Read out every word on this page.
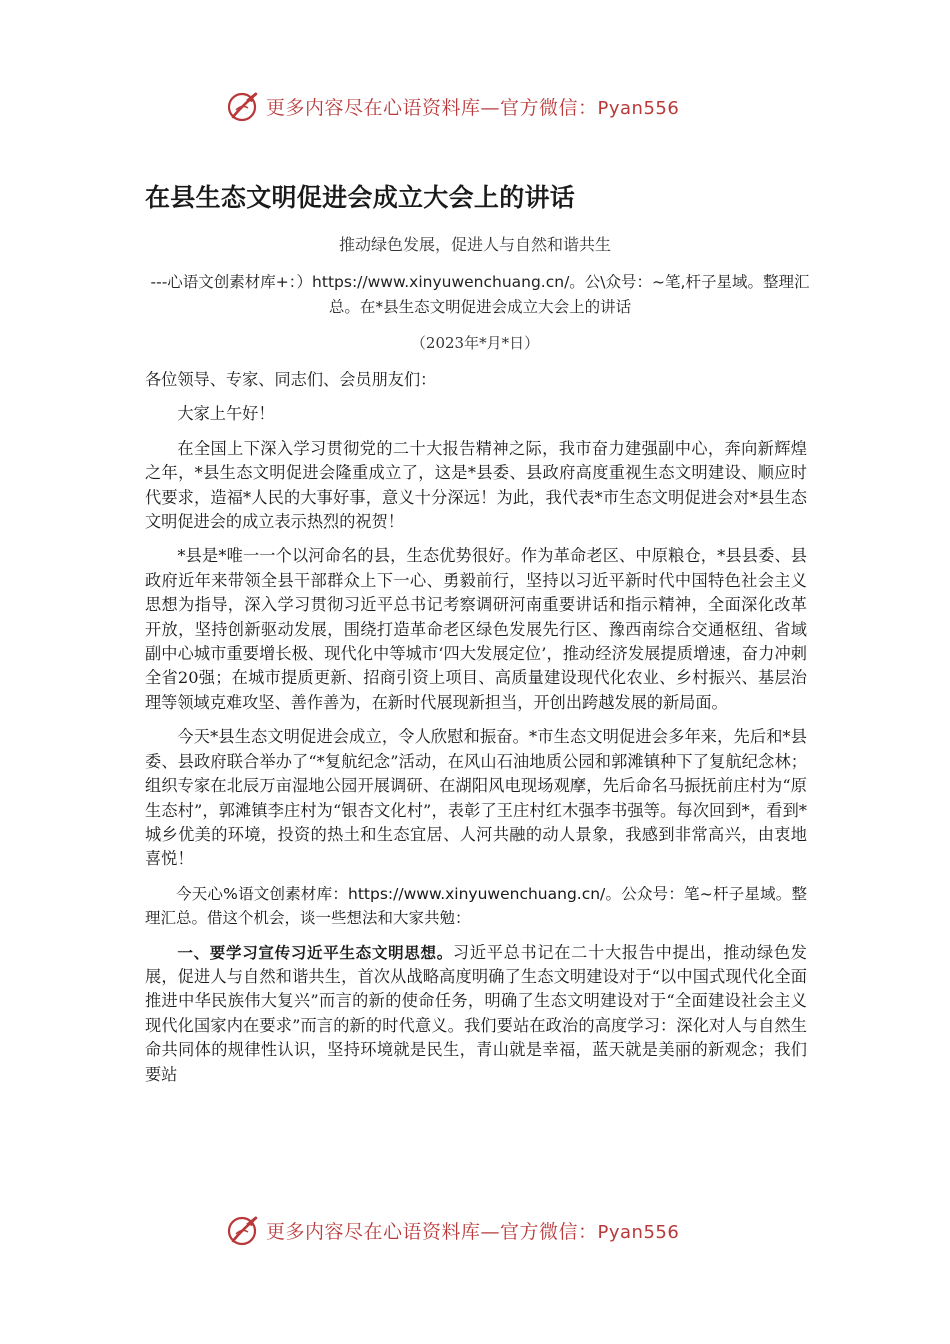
更多内容尽在心语资料库—官方微信：Pyan556
在县生态文明促进会成立大会上的讲话
推动绿色发展，促进人与自然和谐共生
---心语文创素材库+：）https://www.xinyuwenchuang.cn/。公\众号：~笔,杆子星域。整理汇总。在*县生态文明促进会成立大会上的讲话
（2023年*月*日）

各位领导、专家、同志们、会员朋友们：

大家上午好！

在全国上下深入学习贯彻党的二十大报告精神之际，我市奋力建强副中心，奔向新辉煌之年，*县生态文明促进会隆重成立了，这是*县委、县政府高度重视生态文明建设、顺应时代要求，造福*人民的大事好事，意义十分深远！为此，我代表*市生态文明促进会对*县生态文明促进会的成立表示热烈的祝贺！

*县是*唯一一个以河命名的县，生态优势很好。作为革命老区、中原粮仓，*县县委、县政府近年来带领全县干部群众上下一心、勇毅前行，坚持以习近平新时代中国特色社会主义思想为指导，深入学习贯彻习近平总书记考察调研河南重要讲话和指示精神，全面深化改革开放，坚持创新驱动发展，围绕打造革命老区绿色发展先行区、豫西南综合交通枢纽、省域副中心城市重要增长极、现代化中等城市‘四大发展定位’，推动经济发展提质增速，奋力冲刺全省20强；在城市提质更新、招商引资上项目、高质量建设现代化农业、乡村振兴、基层治理等领域克难攻坚、善作善为，在新时代展现新担当，开创出跨越发展的新局面。

今天*县生态文明促进会成立，令人欣慰和振奋。*市生态文明促进会多年来，先后和*县委、县政府联合举办了“*复航纪念”活动，在风山石油地质公园和郭滩镇种下了复航纪念林；组织专家在北辰万亩湿地公园开展调研、在湖阳风电现场观摩，先后命名马振抚前庄村为“原生态村”，郭滩镇李庄村为“银杏文化村”，表彰了王庄村红木强李书强等。每次回到*，看到*城乡优美的环境，投资的热土和生态宜居、人河共融的动人景象，我感到非常高兴，由衷地喜悦！

今天心%语文创素材库：https://www.xinyuwenchuang.cn/。公众号：笔~杆子星域。整理汇总。借这个机会，谈一些想法和大家共勉：

一、要学习宣传习近平生态文明思想。习近平总书记在二十大报告中提出，推动绿色发展，促进人与自然和谐共生，首次从战略高度明确了生态文明建设对于“以中国式现代化全面推进中华民族伟大复兴”而言的新的使命任务，明确了生态文明建设对于“全面建设社会主义现代化国家内在要求”而言的新的时代意义。我们要站在政治的高度学习：深化对人与自然生命共同体的规律性认识，坚持环境就是民生，青山就是幸福，蓝天就是美丽的新观念；我们要站

更多内容尽在心语资料库—官方微信：Pyan556
